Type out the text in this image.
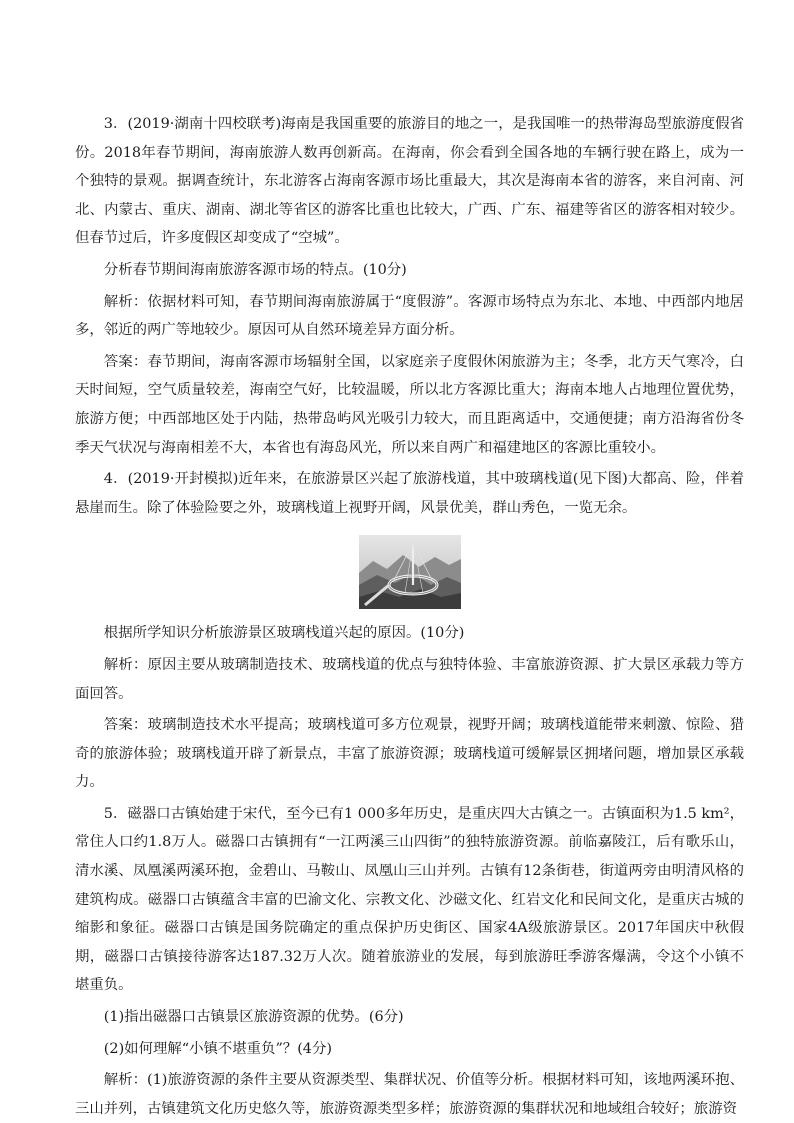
3．(2019·湖南十四校联考)海南是我国重要的旅游目的地之一，是我国唯一的热带海岛型旅游度假省份。2018年春节期间，海南旅游人数再创新高。在海南，你会看到全国各地的车辆行驶在路上，成为一个独特的景观。据调查统计，东北游客占海南客源市场比重最大，其次是海南本省的游客，来自河南、河北、内蒙古、重庆、湖南、湖北等省区的游客比重也比较大，广西、广东、福建等省区的游客相对较少。但春节过后，许多度假区却变成了“空城”。

分析春节期间海南旅游客源市场的特点。(10分)

解析：依据材料可知，春节期间海南旅游属于“度假游”。客源市场特点为东北、本地、中西部内地居多，邻近的两广等地较少。原因可从自然环境差异方面分析。

答案：春节期间，海南客源市场辐射全国，以家庭亲子度假休闲旅游为主；冬季，北方天气寒冷，白天时间短，空气质量较差，海南空气好，比较温暖，所以北方客源比重大；海南本地人占地理位置优势，旅游方便；中西部地区处于内陆，热带岛屿风光吸引力较大，而且距离适中，交通便捷；南方沿海省份冬季天气状况与海南相差不大，本省也有海岛风光，所以来自两广和福建地区的客源比重较小。

4．(2019·开封模拟)近年来，在旅游景区兴起了旅游栈道，其中玻璃栈道(见下图)大都高、险，伴着悬崖而生。除了体验险要之外，玻璃栈道上视野开阔，风景优美，群山秀色，一览无余。

根据所学知识分析旅游景区玻璃栈道兴起的原因。(10分)

解析：原因主要从玻璃制造技术、玻璃栈道的优点与独特体验、丰富旅游资源、扩大景区承载力等方面回答。

答案：玻璃制造技术水平提高；玻璃栈道可多方位观景，视野开阔；玻璃栈道能带来刺激、惊险、猎奇的旅游体验；玻璃栈道开辟了新景点，丰富了旅游资源；玻璃栈道可缓解景区拥堵问题，增加景区承载力。

5．磁器口古镇始建于宋代，至今已有1 000多年历史，是重庆四大古镇之一。古镇面积为1.5 km²，常住人口约1.8万人。磁器口古镇拥有“一江两溪三山四街”的独特旅游资源。前临嘉陵江，后有歌乐山，清水溪、凤凰溪两溪环抱，金碧山、马鞍山、凤凰山三山并列。古镇有12条街巷，街道两旁由明清风格的建筑构成。磁器口古镇蕴含丰富的巴渝文化、宗教文化、沙磁文化、红岩文化和民间文化，是重庆古城的缩影和象征。磁器口古镇是国务院确定的重点保护历史街区、国家4A级旅游景区。2017年国庆中秋假期，磁器口古镇接待游客达187.32万人次。随着旅游业的发展，每到旅游旺季游客爆满，令这个小镇不堪重负。

(1)指出磁器口古镇景区旅游资源的优势。(6分)

(2)如何理解“小镇不堪重负”？(4分)

解析：(1)旅游资源的条件主要从资源类型、集群状况、价值等分析。根据材料可知，该地两溪环抱、三山并列，古镇建筑文化历史悠久等，旅游资源类型多样；旅游资源的集群状况和地域组合较好；旅游资
